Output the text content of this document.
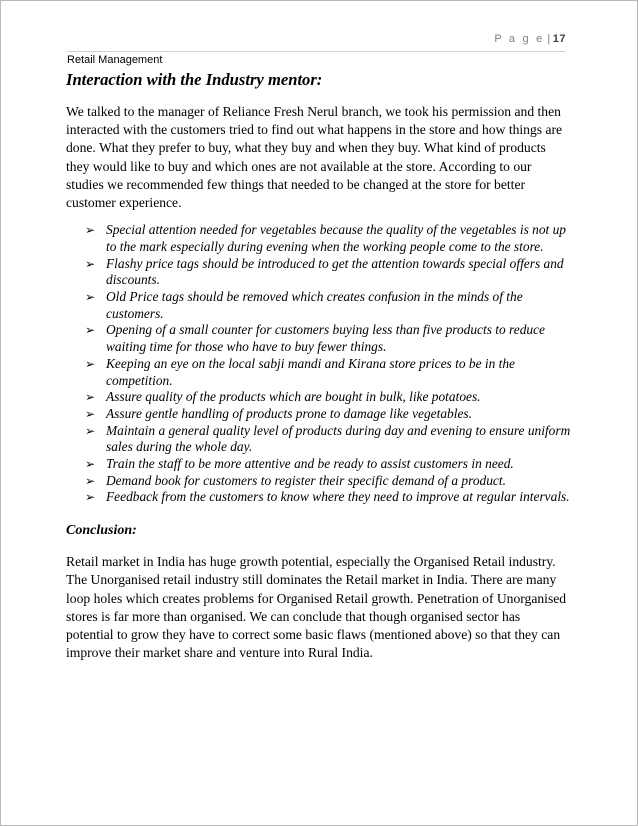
P a g e | 17
Retail Management
Interaction with the Industry mentor:

We talked to the manager of Reliance Fresh Nerul branch, we took his permission and then interacted with the customers tried to find out what happens in the store and how things are done. What they prefer to buy, what they buy and when they buy. What kind of products they would like to buy and which ones are not available at the store. According to our studies we recommended few things that needed to be changed at the store for better customer experience.

➢ Special attention needed for vegetables because the quality of the vegetables is not up to the mark especially during evening when the working people come to the store.
➢ Flashy price tags should be introduced to get the attention towards special offers and discounts.
➢ Old Price tags should be removed which creates confusion in the minds of the customers.
➢ Opening of a small counter for customers buying less than five products to reduce waiting time for those who have to buy fewer things.
➢ Keeping an eye on the local sabji mandi and Kirana store prices to be in the competition.
➢ Assure quality of the products which are bought in bulk, like potatoes.
➢ Assure gentle handling of products prone to damage like vegetables.
➢ Maintain a general quality level of products during day and evening to ensure uniform sales during the whole day.
➢ Train the staff to be more attentive and be ready to assist customers in need.
➢ Demand book for customers to register their specific demand of a product.
➢ Feedback from the customers to know where they need to improve at regular intervals.
Conclusion:

Retail market in India has huge growth potential, especially the Organised Retail industry. The Unorganised retail industry still dominates the Retail market in India. There are many loop holes which creates problems for Organised Retail growth. Penetration of Unorganised stores is far more than organised. We can conclude that though organised sector has potential to grow they have to correct some basic flaws (mentioned above) so that they can improve their market share and venture into Rural India.
